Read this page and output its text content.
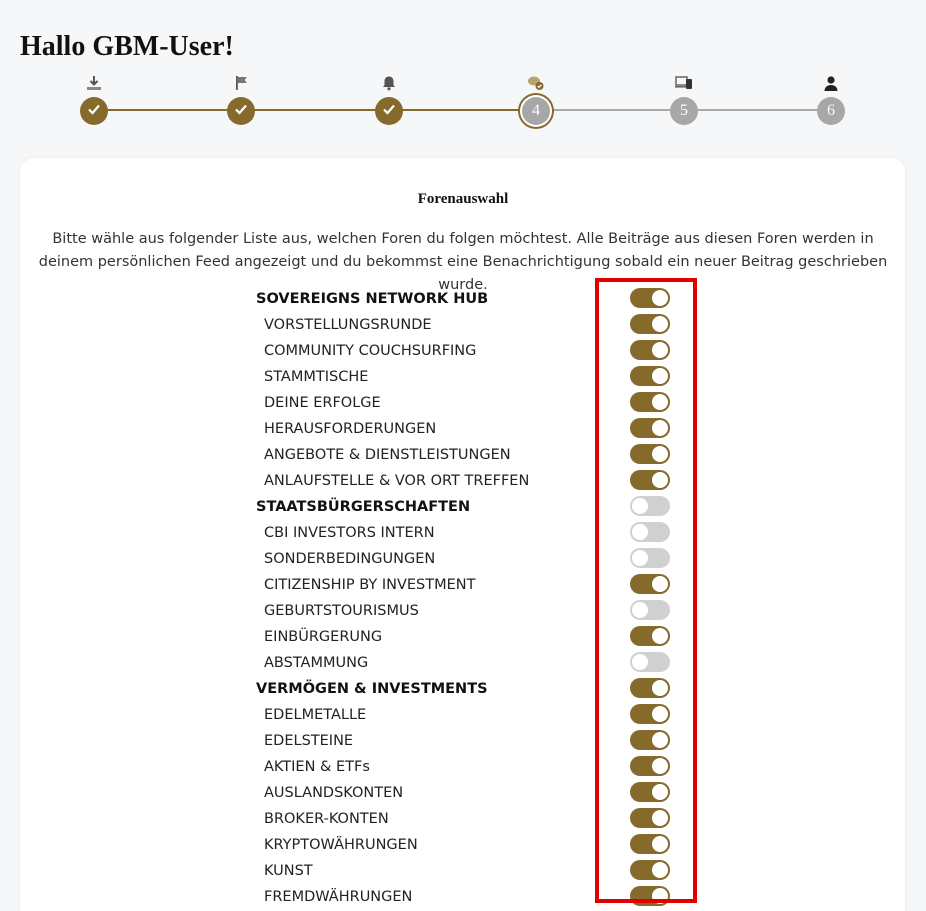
Hallo GBM-User!
4	5	6
Forenauswahl

Bitte wähle aus folgender Liste aus, welchen Foren du folgen möchtest. Alle Beiträge aus diesen Foren werden in deinem persönlichen Feed angezeigt und du bekommst eine Benachrichtigung sobald ein neuer Beitrag geschrieben wurde.

SOVEREIGNS NETWORK HUB
VORSTELLUNGSRUNDE
COMMUNITY COUCHSURFING
STAMMTISCHE
DEINE ERFOLGE
HERAUSFORDERUNGEN
ANGEBOTE & DIENSTLEISTUNGEN
ANLAUFSTELLE & VOR ORT TREFFEN
STAATSBÜRGERSCHAFTEN
CBI INVESTORS INTERN
SONDERBEDINGUNGEN
CITIZENSHIP BY INVESTMENT
GEBURTSTOURISMUS
EINBÜRGERUNG
ABSTAMMUNG
VERMÖGEN & INVESTMENTS
EDELMETALLE
EDELSTEINE
AKTIEN & ETFs
AUSLANDSKONTEN
BROKER-KONTEN
KRYPTOWÄHRUNGEN
KUNST
FREMDWÄHRUNGEN
